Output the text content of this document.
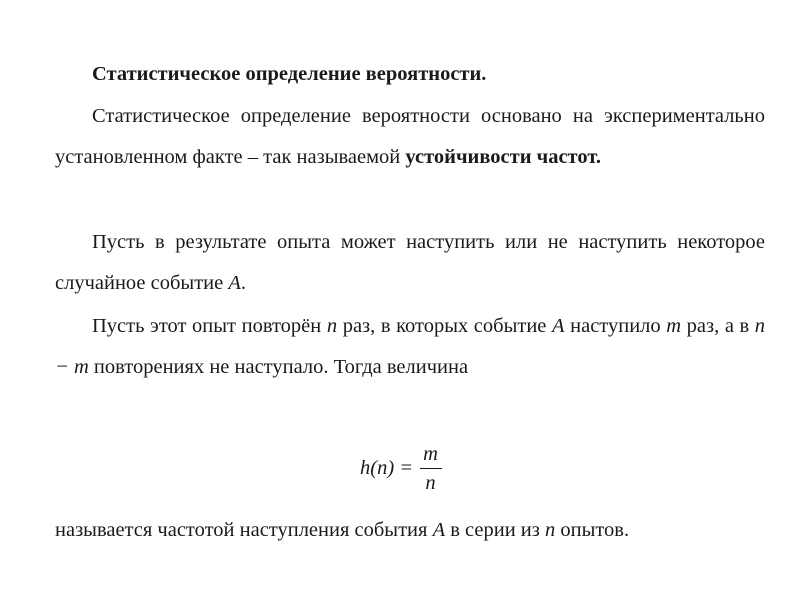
Статистическое определение вероятности.
Статистическое определение вероятности основано на экспериментально установленном факте – так называемой устойчивости частот.
Пусть в результате опыта может наступить или не наступить некоторое случайное событие A.
Пусть этот опыт повторён n раз, в которых событие A наступило m раз, а в n − m повторениях не наступало. Тогда величина
$h(n) = \frac{m}{n}$
называется частотой наступления события A в серии из n опытов.
